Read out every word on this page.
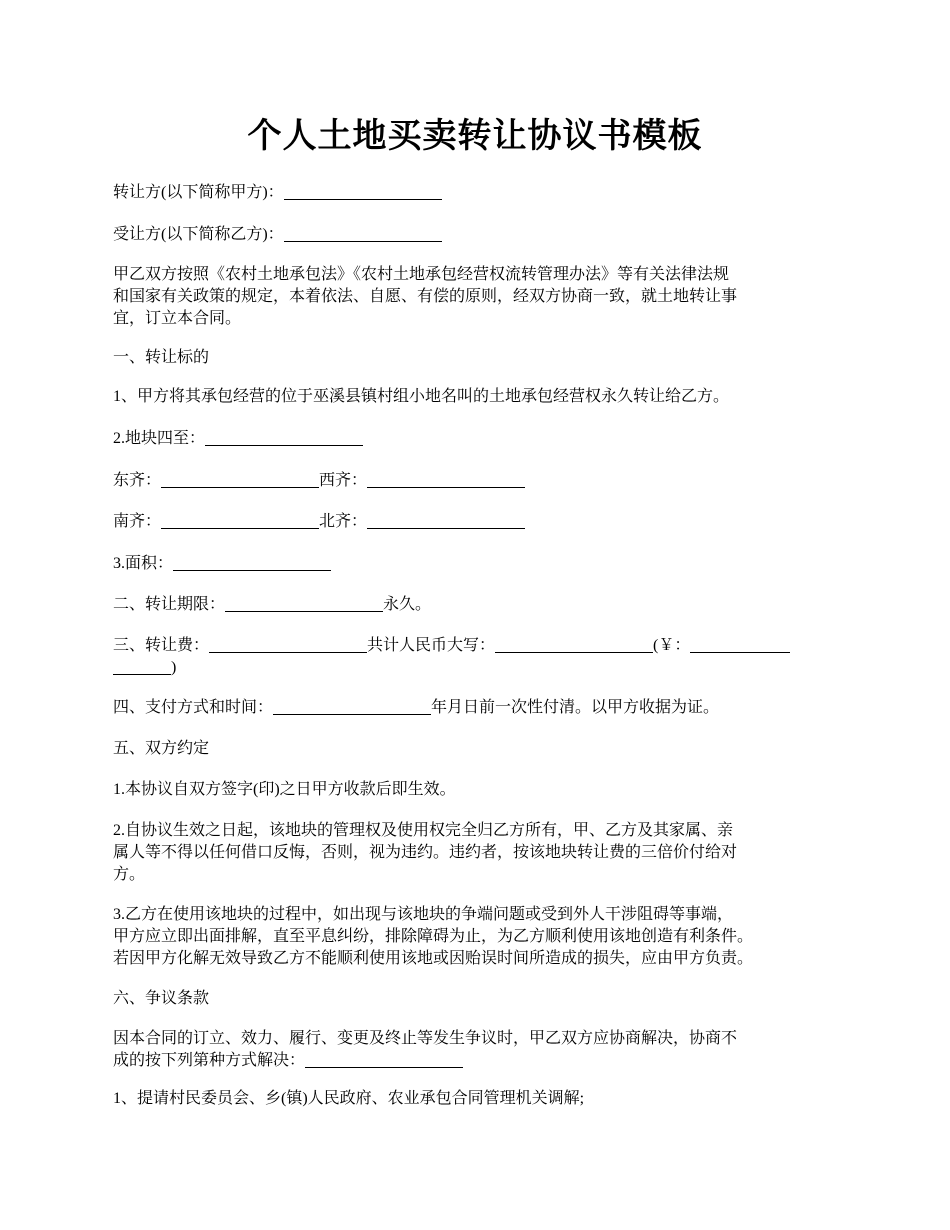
个人土地买卖转让协议书模板

转让方(以下简称甲方)：

受让方(以下简称乙方)：

甲乙双方按照《农村土地承包法》《农村土地承包经营权流转管理办法》等有关法律法规
和国家有关政策的规定，本着依法、自愿、有偿的原则，经双方协商一致，就土地转让事
宜，订立本合同。

一、转让标的

1、甲方将其承包经营的位于巫溪县镇村组小地名叫的土地承包经营权永久转让给乙方。

2.地块四至：

东齐：	西齐：

南齐：	北齐：

3.面积：

二、转让期限：	永久。

三、转让费：	共计人民币大写：	(￥：
)

四、支付方式和时间：	年月日前一次性付清。以甲方收据为证。

五、双方约定

1.本协议自双方签字(印)之日甲方收款后即生效。

2.自协议生效之日起，该地块的管理权及使用权完全归乙方所有，甲、乙方及其家属、亲
属人等不得以任何借口反悔，否则，视为违约。违约者，按该地块转让费的三倍价付给对
方。

3.乙方在使用该地块的过程中，如出现与该地块的争端问题或受到外人干涉阻碍等事端，
甲方应立即出面排解，直至平息纠纷，排除障碍为止，为乙方顺利使用该地创造有利条件。
若因甲方化解无效导致乙方不能顺利使用该地或因贻误时间所造成的损失，应由甲方负责。

六、争议条款

因本合同的订立、效力、履行、变更及终止等发生争议时，甲乙双方应协商解决，协商不
成的按下列第种方式解决：

1、提请村民委员会、乡(镇)人民政府、农业承包合同管理机关调解;
